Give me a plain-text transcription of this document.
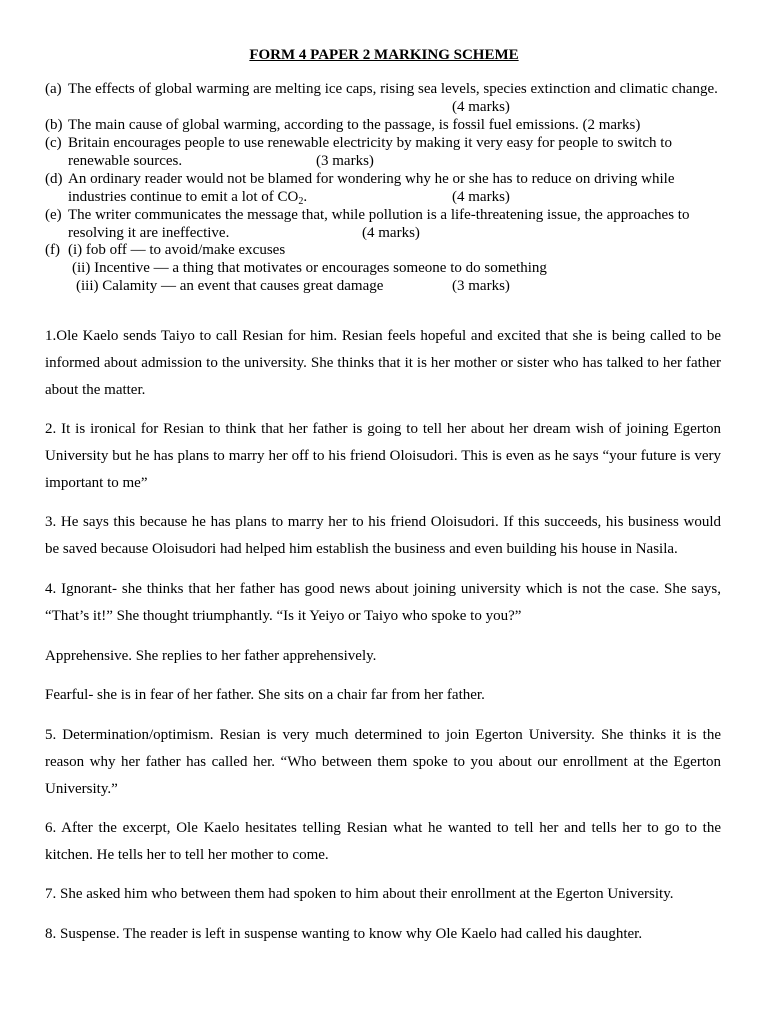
FORM 4 PAPER 2 MARKING SCHEME
(a) The effects of global warming are melting ice caps, rising sea levels, species extinction and climatic change.
(4 marks)
(b) The main cause of global warming, according to the passage, is fossil fuel emissions. (2 marks)
(c) Britain encourages people to use renewable electricity by making it very easy for people to switch to
renewable sources.	(3 marks)
(d) An ordinary reader would not be blamed for wondering why he or she has to reduce on driving while
industries continue to emit a lot of $CO_2$.	(4 marks)
(e) The writer communicates the message that, while pollution is a life-threatening issue, the approaches to
resolving it are ineffective.	(4 marks)
(f) (i) fob off — to avoid/make excuses
(ii) Incentive — a thing that motivates or encourages someone to do something
(iii) Calamity — an event that causes great damage	(3 marks)
1.Ole Kaelo sends Taiyo to call Resian for him. Resian feels hopeful and excited that she is being called to be informed about admission to the university. She thinks that it is her mother or sister who has talked to her father about the matter.
2. It is ironical for Resian to think that her father is going to tell her about her dream wish of joining Egerton University but he has plans to marry her off to his friend Oloisudori. This is even as he says “your future is very important to me”
3. He says this because he has plans to marry her to his friend Oloisudori. If this succeeds, his business would be saved because Oloisudori had helped him establish the business and even building his house in Nasila.
4. Ignorant- she thinks that her father has good news about joining university which is not the case. She says, “That’s it!” She thought triumphantly. “Is it Yeiyo or Taiyo who spoke to you?”
Apprehensive. She replies to her father apprehensively.
Fearful- she is in fear of her father. She sits on a chair far from her father.
5. Determination/optimism. Resian is very much determined to join Egerton University. She thinks it is the reason why her father has called her. “Who between them spoke to you about our enrollment at the Egerton University.”
6. After the excerpt, Ole Kaelo hesitates telling Resian what he wanted to tell her and tells her to go to the kitchen. He tells her to tell her mother to come.
7. She asked him who between them had spoken to him about their enrollment at the Egerton University.
8. Suspense. The reader is left in suspense wanting to know why Ole Kaelo had called his daughter.
